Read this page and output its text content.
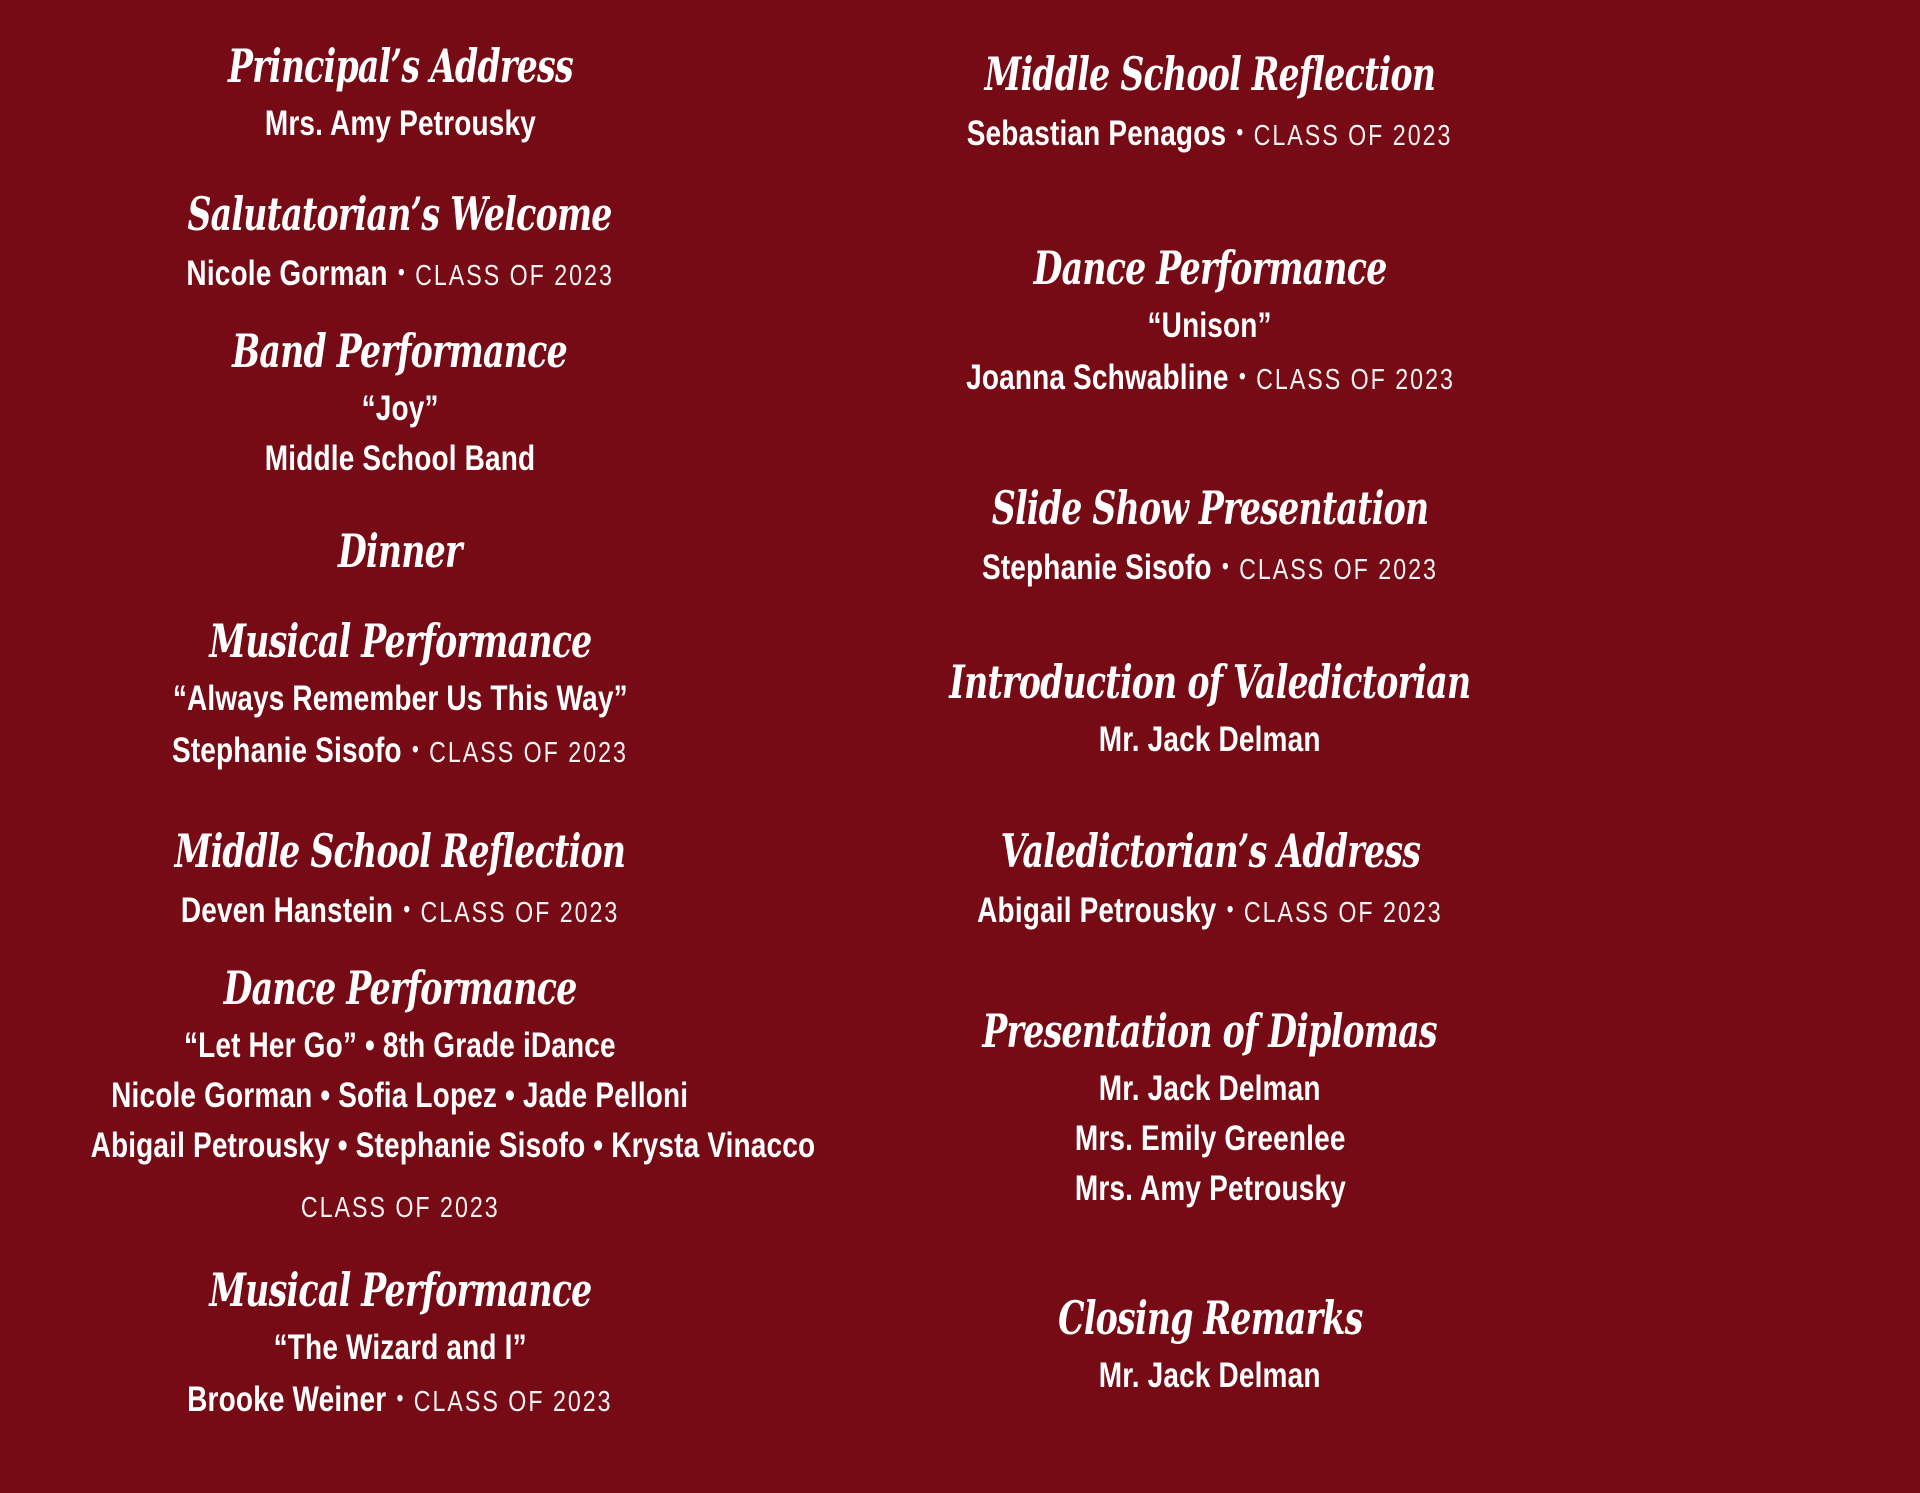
Principal’s Address
Mrs. Amy Petrousky
Salutatorian’s Welcome
Nicole Gorman • CLASS OF 2023
Band Performance
“Joy”
Middle School Band
Dinner
Musical Performance
“Always Remember Us This Way”
Stephanie Sisofo • CLASS OF 2023
Middle School Reflection
Deven Hanstein • CLASS OF 2023
Dance Performance
“Let Her Go” • 8th Grade iDance
Nicole Gorman • Sofia Lopez • Jade Pelloni
Abigail Petrousky • Stephanie Sisofo • Krysta Vinacco
CLASS OF 2023
Musical Performance
“The Wizard and I”
Brooke Weiner • CLASS OF 2023
Middle School Reflection
Sebastian Penagos • CLASS OF 2023
Dance Performance
“Unison”
Joanna Schwabline • CLASS OF 2023
Slide Show Presentation
Stephanie Sisofo • CLASS OF 2023
Introduction of Valedictorian
Mr. Jack Delman
Valedictorian’s Address
Abigail Petrousky • CLASS OF 2023
Presentation of Diplomas
Mr. Jack Delman
Mrs. Emily Greenlee
Mrs. Amy Petrousky
Closing Remarks
Mr. Jack Delman
